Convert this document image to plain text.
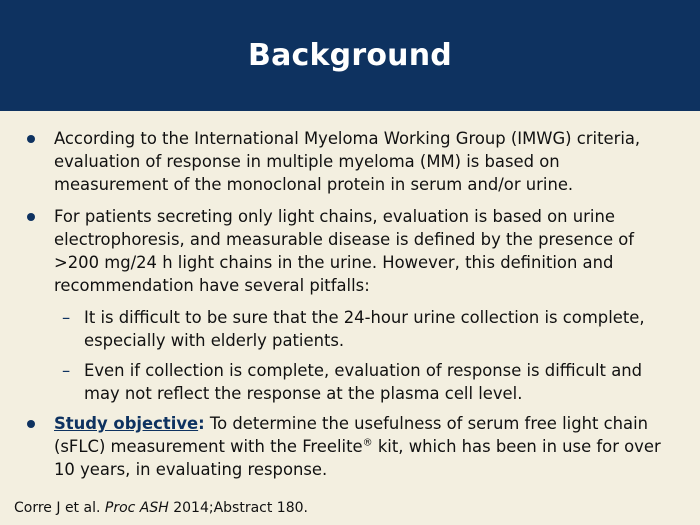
Background
According to the International Myeloma Working Group (IMWG) criteria, evaluation of response in multiple myeloma (MM) is based on measurement of the monoclonal protein in serum and/or urine.
For patients secreting only light chains, evaluation is based on urine electrophoresis, and measurable disease is defined by the presence of >200 mg/24 h light chains in the urine. However, this definition and recommendation have several pitfalls:
– It is difficult to be sure that the 24-hour urine collection is complete, especially with elderly patients.
– Even if collection is complete, evaluation of response is difficult and may not reflect the response at the plasma cell level.
Study objective: To determine the usefulness of serum free light chain (sFLC) measurement with the Freelite® kit, which has been in use for over 10 years, in evaluating response.
Corre J et al. Proc ASH 2014;Abstract 180.
